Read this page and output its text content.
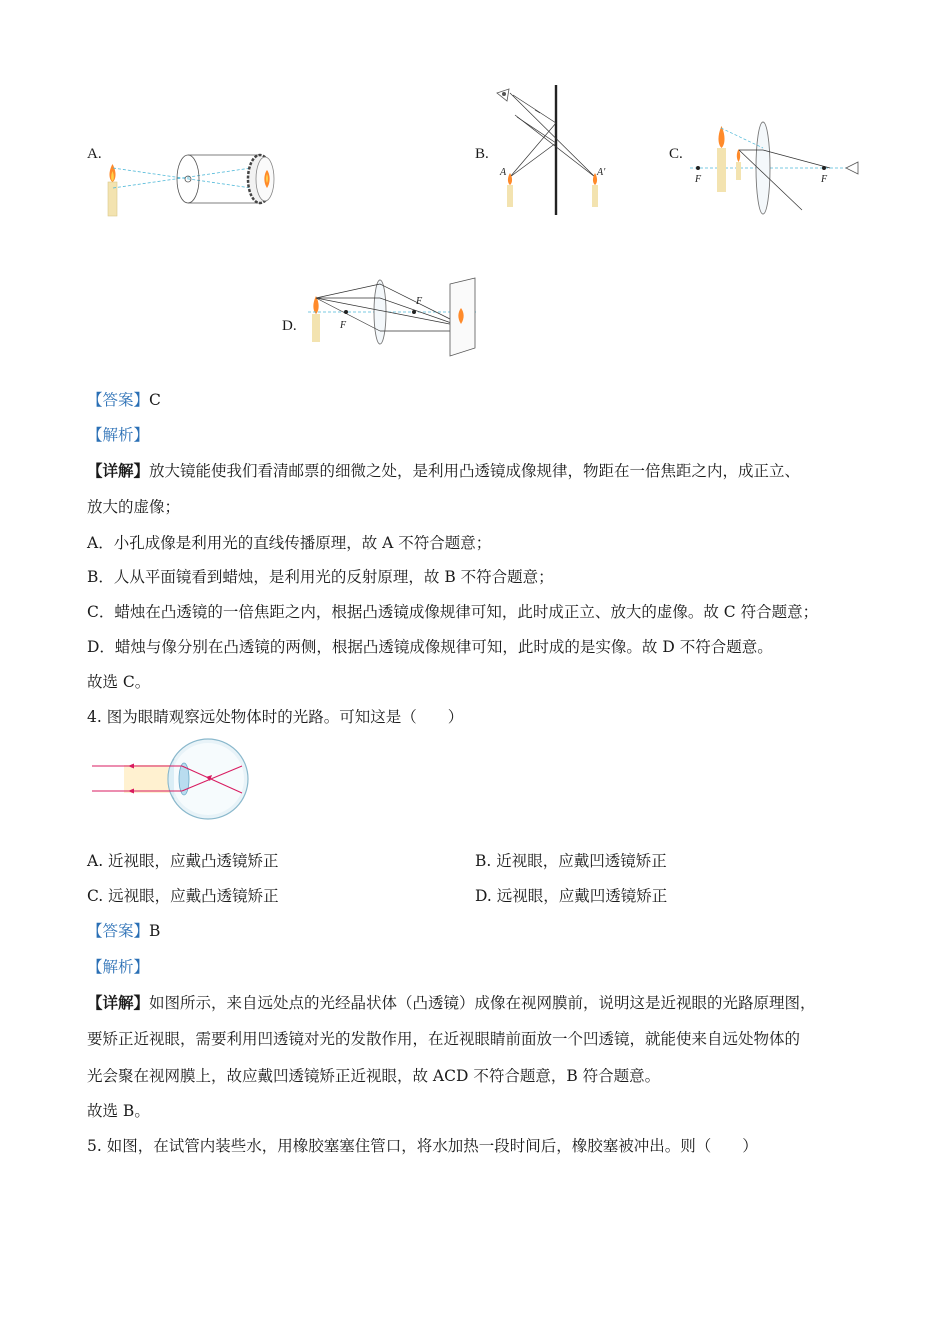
A.	B.	C.
D.
A	A'
F	F
F
F
【答案】C
【解析】
【详解】放大镜能使我们看清邮票的细微之处，是利用凸透镜成像规律，物距在一倍焦距之内，成正立、
放大的虚像；
A．小孔成像是利用光的直线传播原理，故 A 不符合题意；
B．人从平面镜看到蜡烛，是利用光的反射原理，故 B 不符合题意；
C．蜡烛在凸透镜的一倍焦距之内，根据凸透镜成像规律可知，此时成正立、放大的虚像。故 C 符合题意；
D．蜡烛与像分别在凸透镜的两侧，根据凸透镜成像规律可知，此时成的是实像。故 D 不符合题意。
故选 C。
4. 图为眼睛观察远处物体时的光路。可知这是（　　）
A. 近视眼，应戴凸透镜矫正	B. 近视眼，应戴凹透镜矫正
C. 远视眼，应戴凸透镜矫正	D. 远视眼，应戴凹透镜矫正
【答案】B
【解析】
【详解】如图所示，来自远处点的光经晶状体（凸透镜）成像在视网膜前，说明这是近视眼的光路原理图，
要矫正近视眼，需要利用凹透镜对光的发散作用，在近视眼睛前面放一个凹透镜，就能使来自远处物体的
光会聚在视网膜上，故应戴凹透镜矫正近视眼，故 ACD 不符合题意，B 符合题意。
故选 B。
5. 如图，在试管内装些水，用橡胶塞塞住管口，将水加热一段时间后，橡胶塞被冲出。则（　　）
